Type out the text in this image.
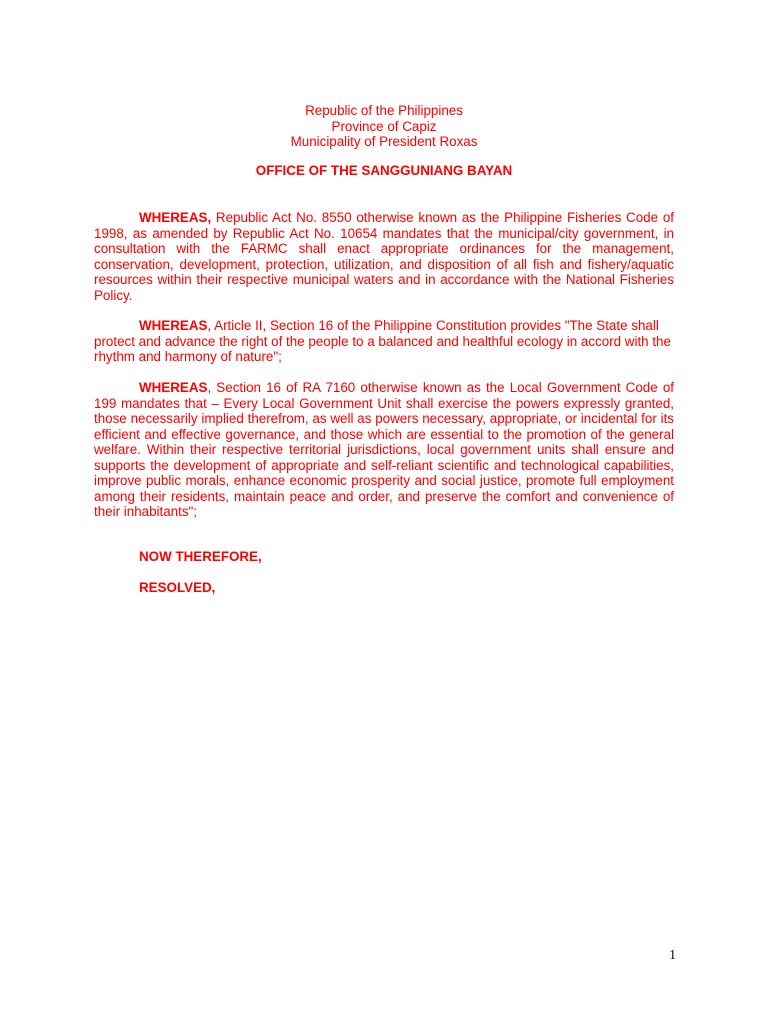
Republic of the Philippines
Province of Capiz
Municipality of President Roxas
OFFICE OF THE SANGGUNIANG BAYAN

WHEREAS, Republic Act No. 8550 otherwise known as the Philippine Fisheries Code of 1998, as amended by Republic Act No. 10654 mandates that the municipal/city government, in consultation with the FARMC shall enact appropriate ordinances for the management, conservation, development, protection, utilization, and disposition of all fish and fishery/aquatic resources within their respective municipal waters and in accordance with the National Fisheries Policy.

WHEREAS, Article II, Section 16 of the Philippine Constitution provides "The State shall protect and advance the right of the people to a balanced and healthful ecology in accord with the rhythm and harmony of nature";

WHEREAS, Section 16 of RA 7160 otherwise known as the Local Government Code of 199 mandates that – Every Local Government Unit shall exercise the powers expressly granted, those necessarily implied therefrom, as well as powers necessary, appropriate, or incidental for its efficient and effective governance, and those which are essential to the promotion of the general welfare. Within their respective territorial jurisdictions, local government units shall ensure and supports the development of appropriate and self-reliant scientific and technological capabilities, improve public morals, enhance economic prosperity and social justice, promote full employment among their residents, maintain peace and order, and preserve the comfort and convenience of their inhabitants";

NOW THEREFORE,
RESOLVED,
1
